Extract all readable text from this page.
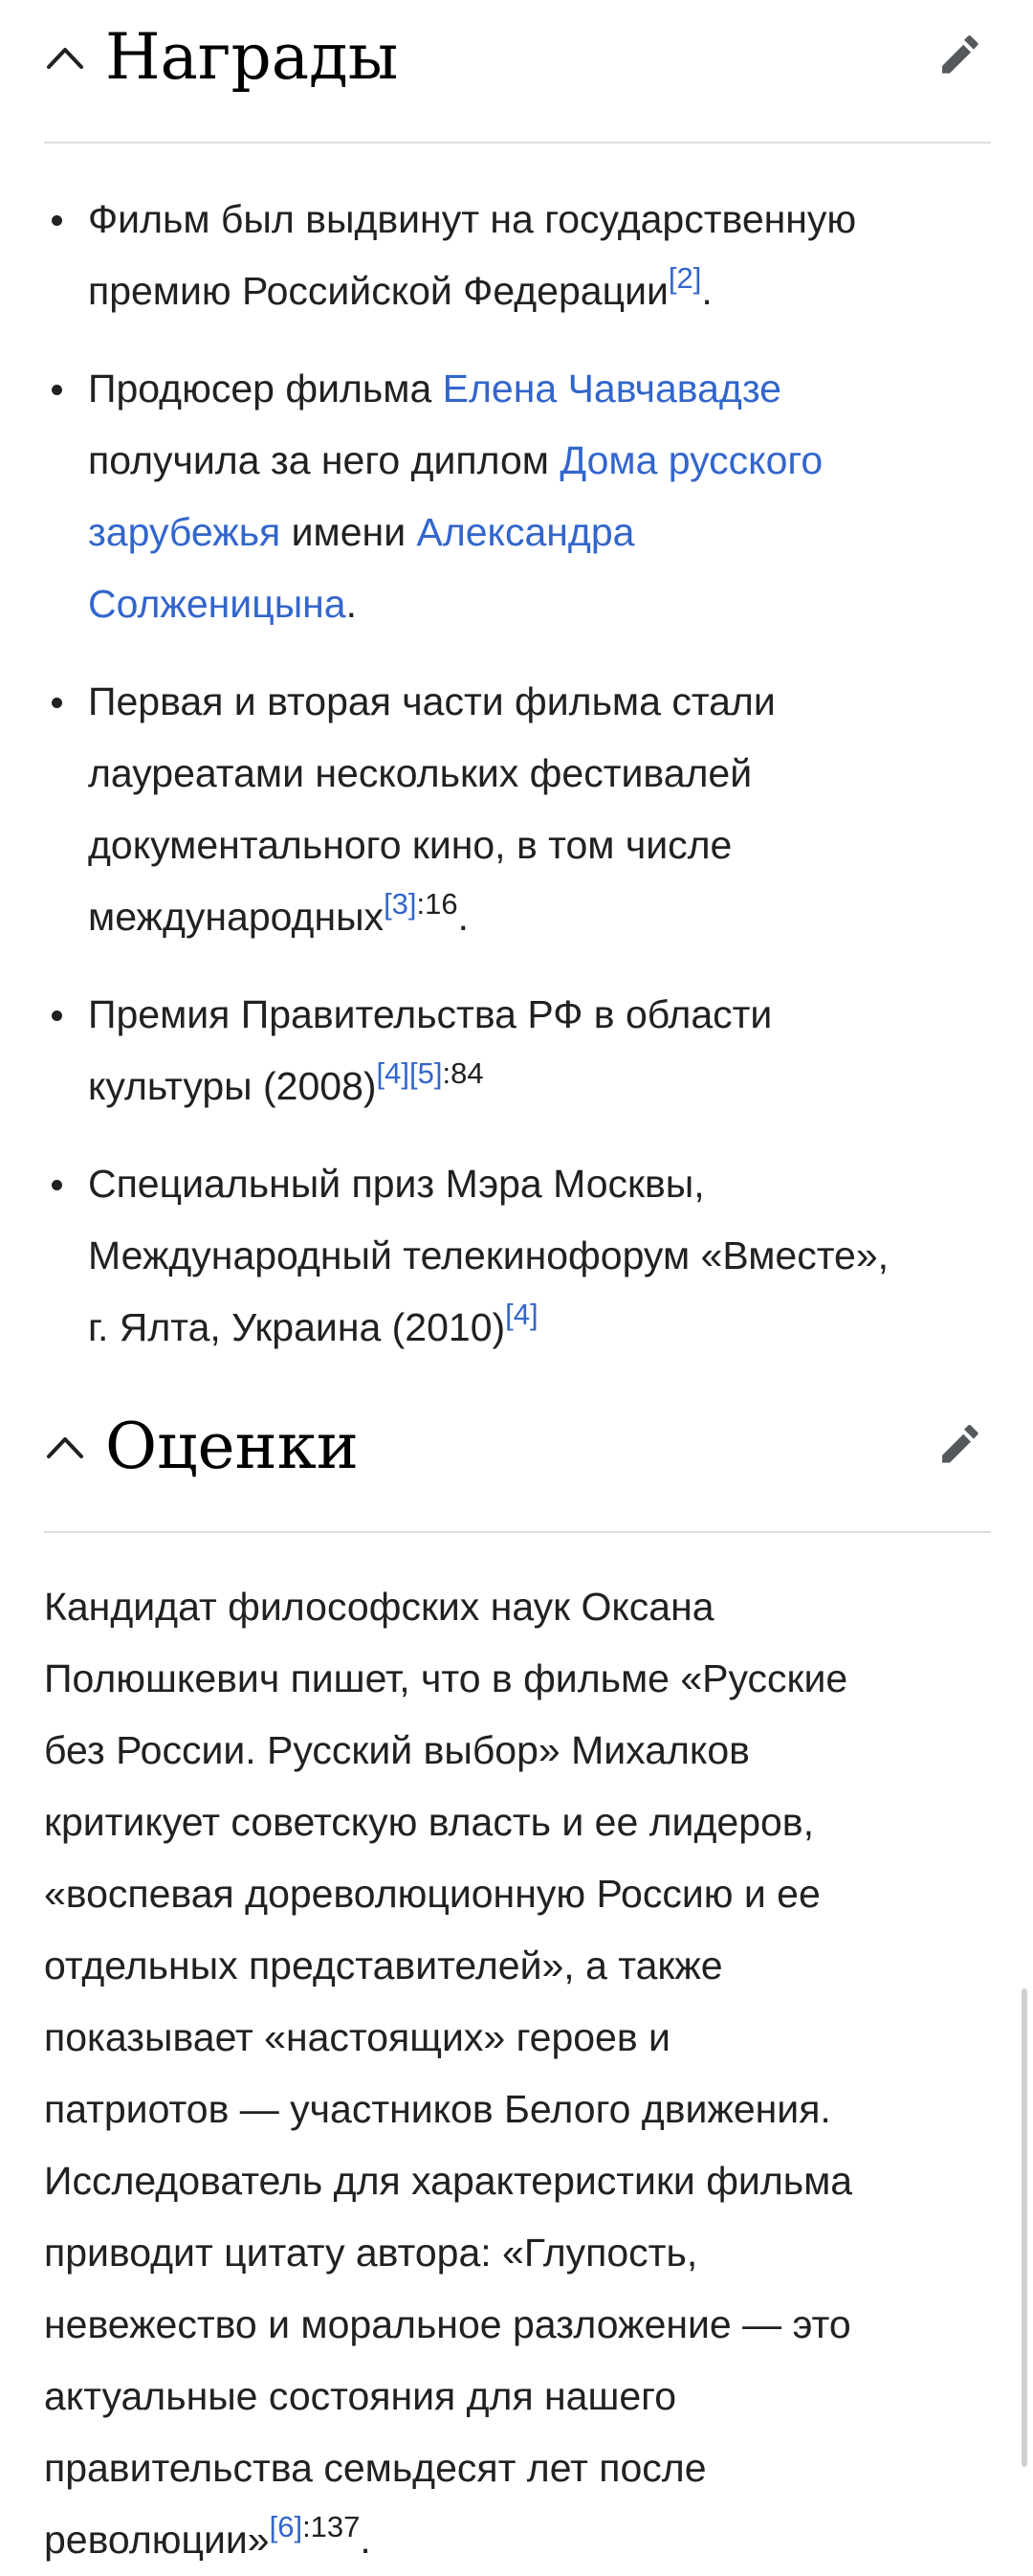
Награды
Фильм был выдвинут на государственную
премию Российской Федерации[2].
Продюсер фильма Елена Чавчавадзе
получила за него диплом Дома русского
зарубежья имени Александра
Солженицына.
Первая и вторая части фильма стали
лауреатами нескольких фестивалей
документального кино, в том числе
международных$^{[3]:16}$.
Премия Правительства РФ в области
культуры (2008)$^{[4][5]:84}$
Специальный приз Мэра Москвы,
Международный телекинофорум «Вместе»,
г. Ялта, Украина (2010)[4]
Оценки

Кандидат философских наук Оксана
Полюшкевич пишет, что в фильме «Русские
без России. Русский выбор» Михалков
критикует советскую власть и ее лидеров,
«воспевая дореволюционную Россию и ее
отдельных представителей», а также
показывает «настоящих» героев и
патриотов — участников Белого движения.
Исследователь для характеристики фильма
приводит цитату автора: «Глупость,
невежество и моральное разложение — это
актуальные состояния для нашего
правительства семьдесят лет после
революции»$^{[6]:137}$.
